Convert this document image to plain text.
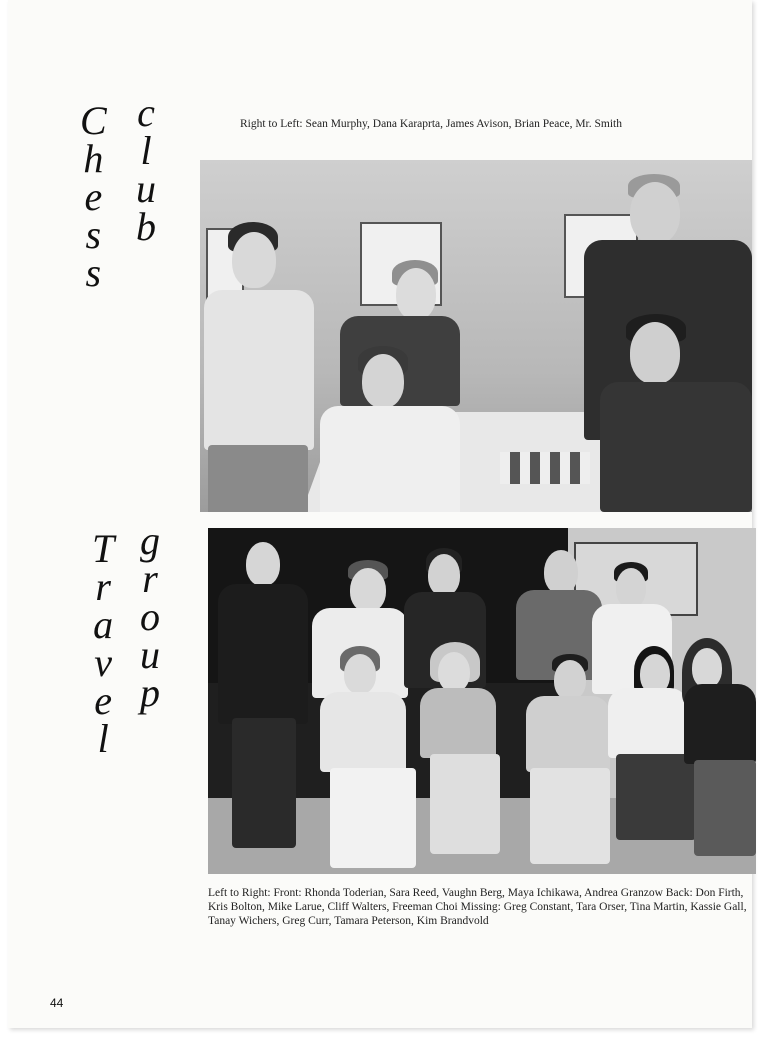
C
h
e
s
s
c
l
u
b
Right to Left: Sean Murphy, Dana Karaprta, James Avison, Brian Peace, Mr. Smith
T
r
a
v
e
l
g
r
o
u
p
Left to Right: Front: Rhonda Toderian, Sara Reed, Vaughn Berg, Maya Ichikawa, Andrea Granzow Back: Don Firth, Kris Bolton, Mike Larue, Cliff Walters, Freeman Choi Missing: Greg Constant, Tara Orser, Tina Martin, Kassie Gall, Tanay Wichers, Greg Curr, Tamara Peterson, Kim Brandvold
44
